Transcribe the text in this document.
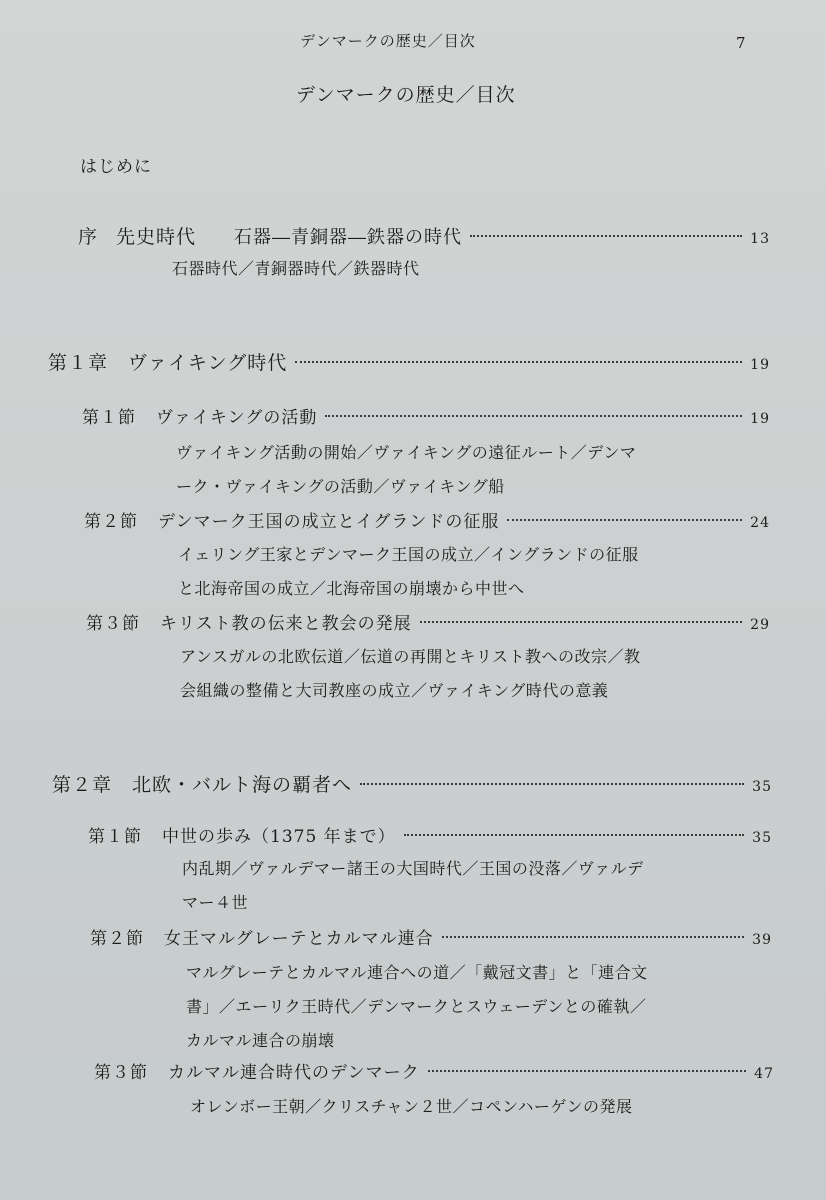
デンマークの歴史／目次	7
デンマークの歴史／目次
はじめに
序 先史時代 石器―青銅器―鉄器の時代	13
石器時代／青銅器時代／鉄器時代
第１章 ヴァイキング時代	19
第１節 ヴァイキングの活動	19
ヴァイキング活動の開始／ヴァイキングの遠征ルート／デンマ
ーク・ヴァイキングの活動／ヴァイキング船
第２節 デンマーク王国の成立とイグランドの征服	24
イェリング王家とデンマーク王国の成立／イングランドの征服
と北海帝国の成立／北海帝国の崩壊から中世へ
第３節 キリスト教の伝来と教会の発展	29
アンスガルの北欧伝道／伝道の再開とキリスト教への改宗／教
会組織の整備と大司教座の成立／ヴァイキング時代の意義
第２章 北欧・バルト海の覇者へ	35
第１節 中世の歩み（1375 年まで）	35
内乱期／ヴァルデマー諸王の大国時代／王国の没落／ヴァルデ
マー４世
第２節 女王マルグレーテとカルマル連合	39
マルグレーテとカルマル連合への道／「戴冠文書」と「連合文
書」／エーリク王時代／デンマークとスウェーデンとの確執／
カルマル連合の崩壊
第３節 カルマル連合時代のデンマーク	47
オレンボー王朝／クリスチャン２世／コペンハーゲンの発展
